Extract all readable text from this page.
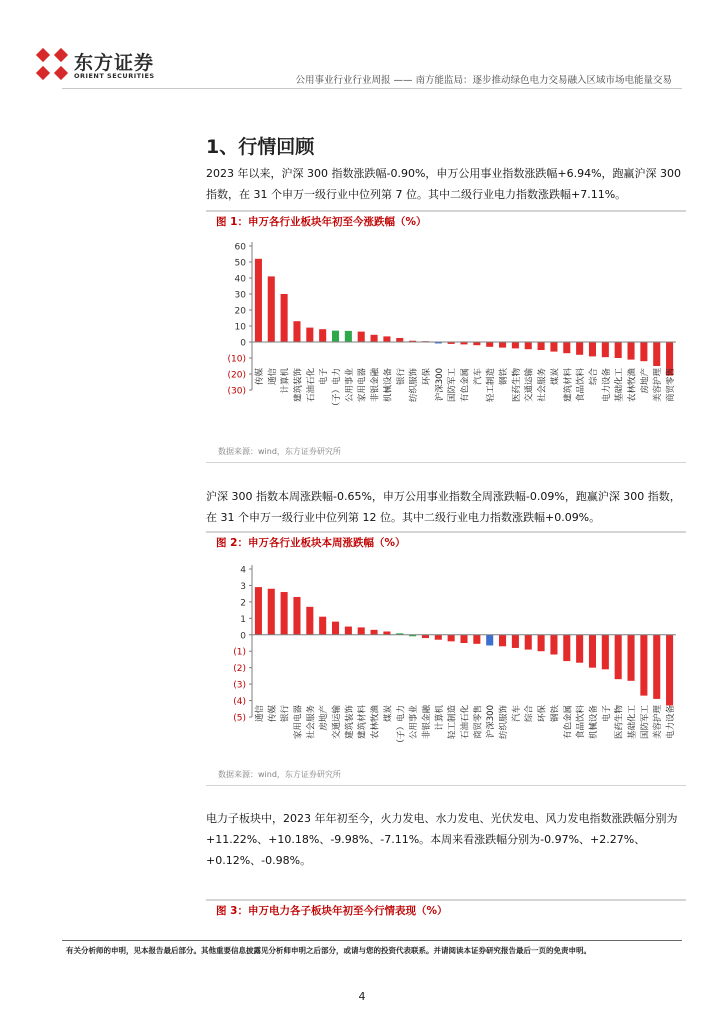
东方证券
ORIENT SECURITIES	公用事业行业行业周报 —— 南方能监局：逐步推动绿色电力交易融入区域市场电能量交易
1、行情回顾
2023 年以来，沪深 300 指数涨跌幅-0.90%，申万公用事业指数涨跌幅+6.94%，跑赢沪深 300 指数，在 31 个申万一级行业中位列第 7 位。其中二级行业电力指数涨跌幅+7.11%。
图 1：申万各行业板块年初至今涨跌幅（%）
60
50
40
30
20
10
0
(10)
(20)
(30)
传媒 通信 计算机 建筑装饰 石油石化 电子 （子）电力 公用事业 家用电器 非银金融 机械设备 银行 纺织服饰 环保 沪深300 国防军工 有色金属 汽车 轻工制造 钢铁 医药生物 交通运输 社会服务 煤炭 建筑材料 食品饮料 综合 电力设备 基础化工 农林牧渔 房地产 美容护理 商贸零售
数据来源：wind，东方证券研究所
沪深 300 指数本周涨跌幅-0.65%，申万公用事业指数全周涨跌幅-0.09%，跑赢沪深 300 指数，在 31 个申万一级行业中位列第 12 位。其中二级行业电力指数涨跌幅+0.09%。
图 2：申万各行业板块本周涨跌幅（%）
4
3
2
1
0
(1)
(2)
(3)
(4)
(5) 通信 传媒 银行 家用电器 社会服务 房地产 交通运输 建筑装饰 建筑材料 农林牧渔 煤炭 （子）电力 公用事业 非银金融 计算机 轻工制造 石油石化 商贸零售 沪深300 纺织服饰 汽车 综合 环保 钢铁 有色金属 食品饮料 机械设备 电子 医药生物 基础化工 国防军工 美容护理 电力设备
数据来源：wind，东方证券研究所
电力子板块中，2023 年年初至今，火力发电、水力发电、光伏发电、风力发电指数涨跌幅分别为+11.22%、+10.18%、-9.98%、-7.11%。本周来看涨跌幅分别为-0.97%、+2.27%、+0.12%、-0.98%。
图 3：申万电力各子板块年初至今行情表现（%）
有关分析师的申明，见本报告最后部分。其他重要信息披露见分析师申明之后部分，或请与您的投资代表联系。并请阅读本证券研究报告最后一页的免责申明。
4
